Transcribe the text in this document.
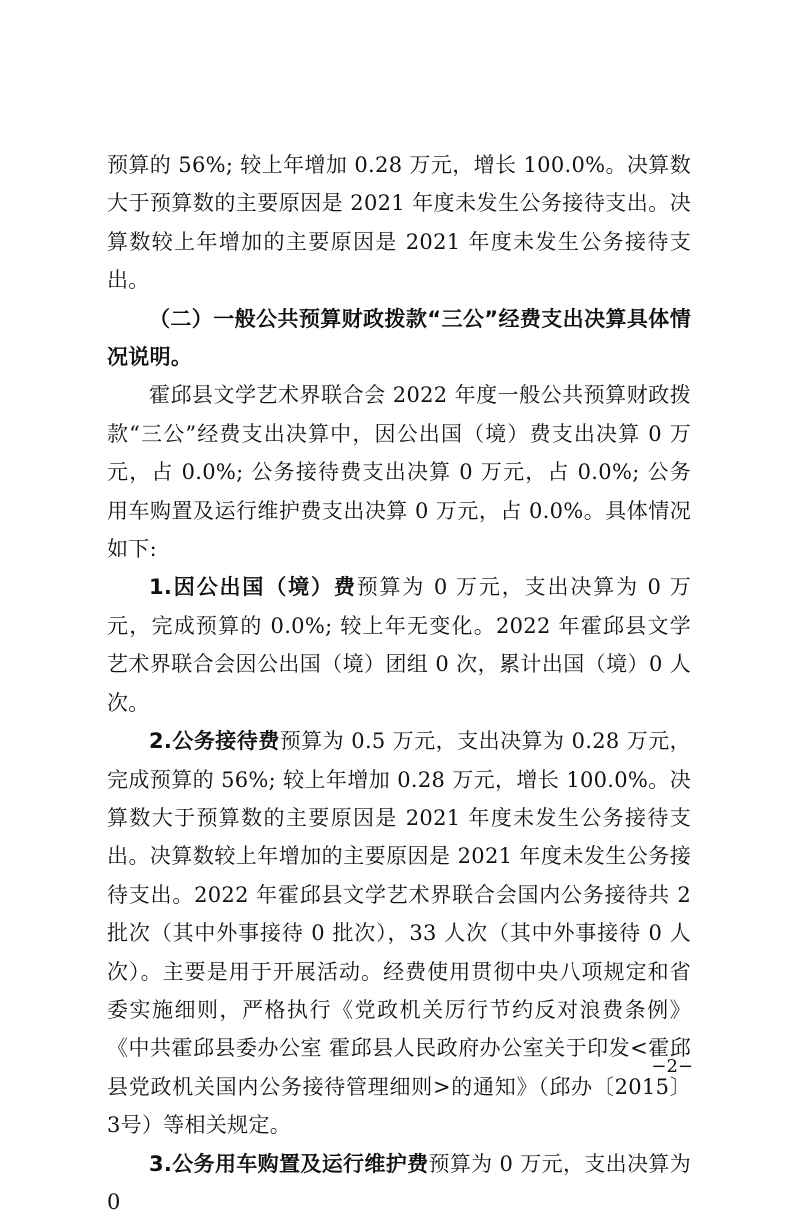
预算的 56%; 较上年增加 0.28 万元，增长 100.0%。决算数大于预算数的主要原因是 2021 年度未发生公务接待支出。决算数较上年增加的主要原因是 2021 年度未发生公务接待支出。

（二）一般公共预算财政拨款“三公”经费支出决算具体情况说明。

霍邱县文学艺术界联合会 2022 年度一般公共预算财政拨款“三公”经费支出决算中，因公出国（境）费支出决算 0 万元，占 0.0%; 公务接待费支出决算 0 万元，占 0.0%; 公务用车购置及运行维护费支出决算 0 万元，占 0.0%。具体情况如下:

1.因公出国（境）费预算为 0 万元，支出决算为 0 万元，完成预算的 0.0%; 较上年无变化。2022 年霍邱县文学艺术界联合会因公出国（境）团组 0 次，累计出国（境）0 人次。

2.公务接待费预算为 0.5 万元，支出决算为 0.28 万元，完成预算的 56%; 较上年增加 0.28 万元，增长 100.0%。决算数大于预算数的主要原因是 2021 年度未发生公务接待支出。决算数较上年增加的主要原因是 2021 年度未发生公务接待支出。2022 年霍邱县文学艺术界联合会国内公务接待共 2 批次（其中外事接待 0 批次），33 人次（其中外事接待 0 人次）。主要是用于开展活动。经费使用贯彻中央八项规定和省委实施细则，严格执行《党政机关厉行节约反对浪费条例》《中共霍邱县委办公室 霍邱县人民政府办公室关于印发<霍邱县党政机关国内公务接待管理细则>的通知》（邱办〔2015〕3号）等相关规定。

3.公务用车购置及运行维护费预算为 0 万元，支出决算为 0

−2−
